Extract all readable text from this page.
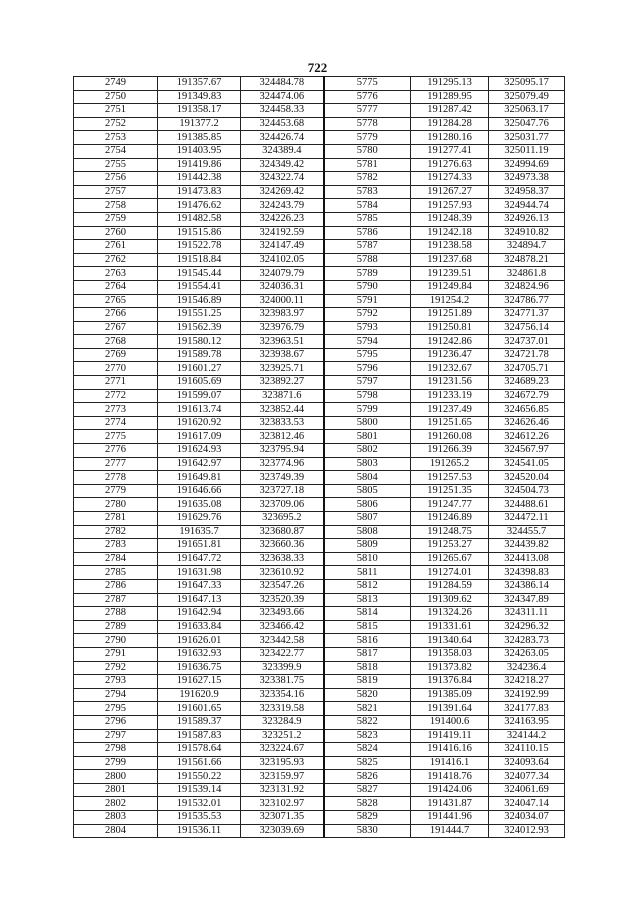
722
2749	191357.67	324484.78	5775	191295.13	325095.17
2750	191349.83	324474.06	5776	191289.95	325079.49
2751	191358.17	324458.33	5777	191287.42	325063.17
2752	191377.2	324453.68	5778	191284.28	325047.76
2753	191385.85	324426.74	5779	191280.16	325031.77
2754	191403.95	324389.4	5780	191277.41	325011.19
2755	191419.86	324349.42	5781	191276.63	324994.69
2756	191442.38	324322.74	5782	191274.33	324973.38
2757	191473.83	324269.42	5783	191267.27	324958.37
2758	191476.62	324243.79	5784	191257.93	324944.74
2759	191482.58	324226.23	5785	191248.39	324926.13
2760	191515.86	324192.59	5786	191242.18	324910.82
2761	191522.78	324147.49	5787	191238.58	324894.7
2762	191518.84	324102.05	5788	191237.68	324878.21
2763	191545.44	324079.79	5789	191239.51	324861.8
2764	191554.41	324036.31	5790	191249.84	324824.96
2765	191546.89	324000.11	5791	191254.2	324786.77
2766	191551.25	323983.97	5792	191251.89	324771.37
2767	191562.39	323976.79	5793	191250.81	324756.14
2768	191580.12	323963.51	5794	191242.86	324737.01
2769	191589.78	323938.67	5795	191236.47	324721.78
2770	191601.27	323925.71	5796	191232.67	324705.71
2771	191605.69	323892.27	5797	191231.56	324689.23
2772	191599.07	323871.6	5798	191233.19	324672.79
2773	191613.74	323852.44	5799	191237.49	324656.85
2774	191620.92	323833.53	5800	191251.65	324626.46
2775	191617.09	323812.46	5801	191260.08	324612.26
2776	191624.93	323795.94	5802	191266.39	324567.97
2777	191642.97	323774.96	5803	191265.2	324541.05
2778	191649.81	323749.39	5804	191257.53	324520.04
2779	191646.66	323727.18	5805	191251.35	324504.73
2780	191635.08	323709.06	5806	191247.77	324488.61
2781	191629.76	323695.2	5807	191246.89	324472.11
2782	191635.7	323680.87	5808	191248.75	324455.7
2783	191651.81	323660.36	5809	191253.27	324439.82
2784	191647.72	323638.33	5810	191265.67	324413.08
2785	191631.98	323610.92	5811	191274.01	324398.83
2786	191647.33	323547.26	5812	191284.59	324386.14
2787	191647.13	323520.39	5813	191309.62	324347.89
2788	191642.94	323493.66	5814	191324.26	324311.11
2789	191633.84	323466.42	5815	191331.61	324296.32
2790	191626.01	323442.58	5816	191340.64	324283.73
2791	191632.93	323422.77	5817	191358.03	324263.05
2792	191636.75	323399.9	5818	191373.82	324236.4
2793	191627.15	323381.75	5819	191376.84	324218.27
2794	191620.9	323354.16	5820	191385.09	324192.99
2795	191601.65	323319.58	5821	191391.64	324177.83
2796	191589.37	323284.9	5822	191400.6	324163.95
2797	191587.83	323251.2	5823	191419.11	324144.2
2798	191578.64	323224.67	5824	191416.16	324110.15
2799	191561.66	323195.93	5825	191416.1	324093.64
2800	191550.22	323159.97	5826	191418.76	324077.34
2801	191539.14	323131.92	5827	191424.06	324061.69
2802	191532.01	323102.97	5828	191431.87	324047.14
2803	191535.53	323071.35	5829	191441.96	324034.07
2804	191536.11	323039.69	5830	191444.7	324012.93
